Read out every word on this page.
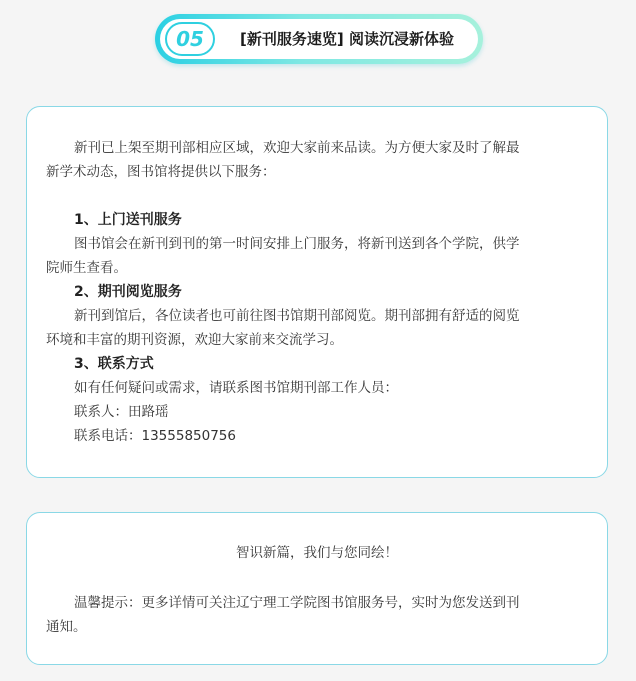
05	[新刊服务速览] 阅读沉浸新体验
新刊已上架至期刊部相应区域，欢迎大家前来品读。为方便大家及时了解最
新学术动态，图书馆将提供以下服务：
1、上门送刊服务
图书馆会在新刊到刊的第一时间安排上门服务，将新刊送到各个学院，供学
院师生查看。
2、期刊阅览服务
新刊到馆后，各位读者也可前往图书馆期刊部阅览。期刊部拥有舒适的阅览
环境和丰富的期刊资源，欢迎大家前来交流学习。
3、联系方式
如有任何疑问或需求，请联系图书馆期刊部工作人员：
联系人：田路瑶
联系电话：13555850756
智识新篇，我们与您同绘！
温馨提示：更多详情可关注辽宁理工学院图书馆服务号，实时为您发送到刊
通知。
